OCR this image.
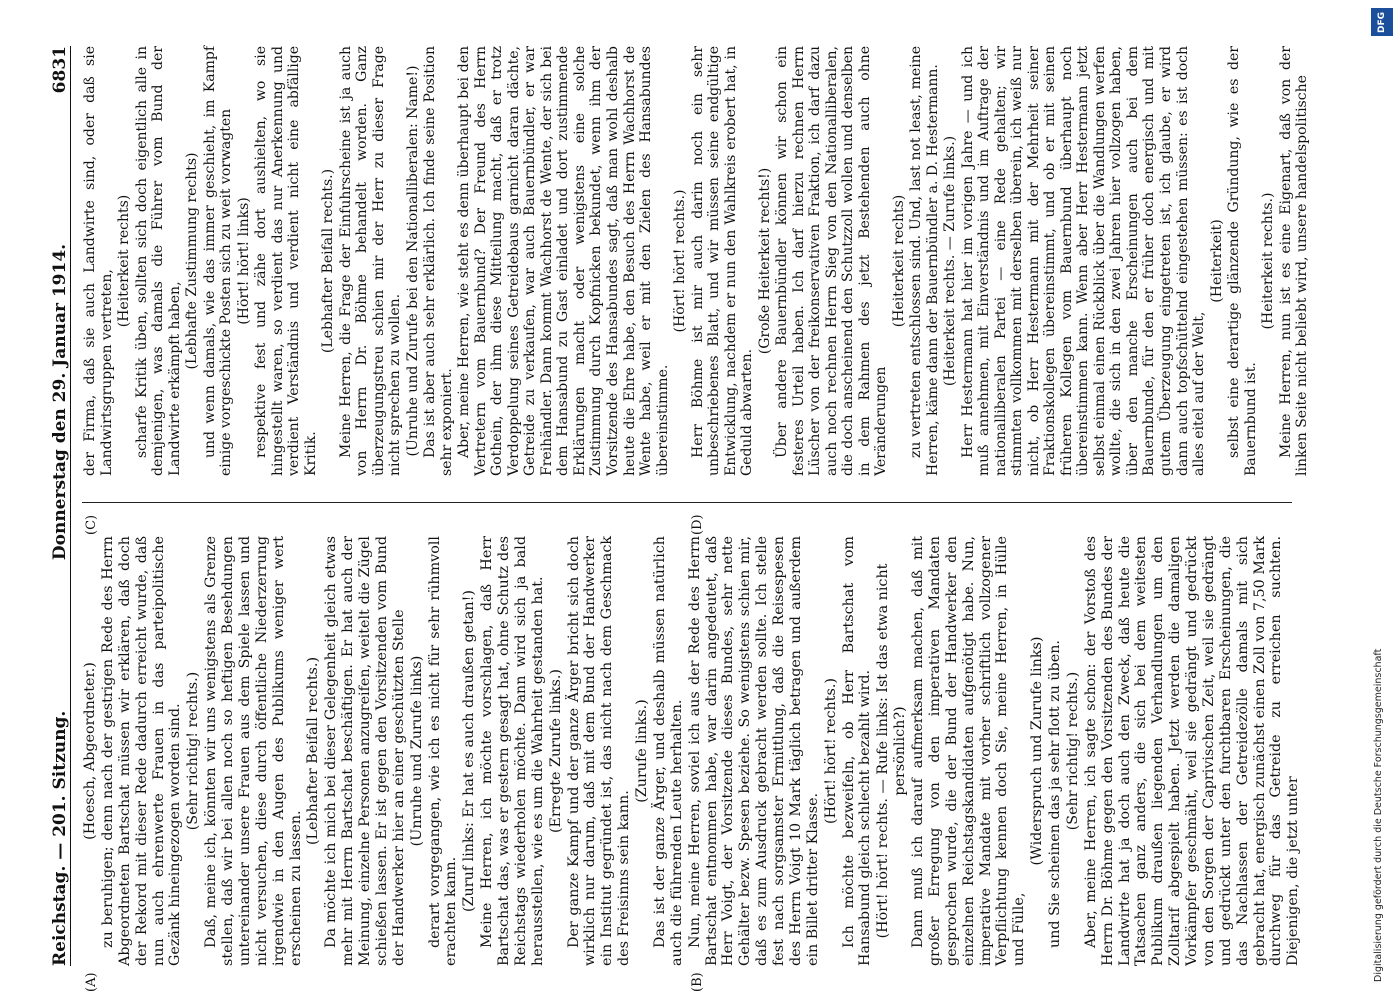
Reichstag. — 201. Sitzung.
Donnerstag den 29. Januar 1914.
6831
(A)	(B)
(C)	(D)

(Hoesch, Abgeordneter.) zu beruhigen; denn nach der gestrigen Rede des Herrn Abgeordneten Bartschat müssen wir erklären, daß doch der Rekord mit dieser Rede dadurch erreicht wurde, daß nun auch ehrenwerte Frauen in das parteipolitische Gezänk hineingezogen worden sind. (Sehr richtig! rechts.) Daß, meine ich, könnten wir uns wenigstens als Grenze stellen, daß wir bei allen noch so heftigen Besehdungen untereinander unsere Frauen aus dem Spiele lassen und nicht versuchen, diese durch öffentliche Niederzerrung irgendwie in den Augen des Publikums weniger wert erscheinen zu lassen.

(Lebhafter Beifall rechts.) Da möchte ich mich bei dieser Gelegenheit gleich etwas mehr mit Herrn Bartschat beschäftigen. Er hat auch der Meinung, einzelne Personen anzugreifen, weitelt die Zügel schießen lassen. Er ist gegen den Vorsitzenden vom Bund der Handwerker hier an einer geschützten Stelle (Unruhe und Zurufe links) derart vorgegangen, wie ich es nicht für sehr rühmvoll erachten kann. (Zuruf links: Er hat es auch draußen getan!) Meine Herren, ich möchte vorschlagen, daß Herr Bartschat das, was er gestern gesagt hat, ohne Schutz des Reichstags wiederholen möchte. Dann wird sich ja bald herausstellen, wie es um die Wahrheit gestanden hat. (Erregte Zurufe links.) Der ganze Kampf und der ganze Ärger bricht sich doch wirklich nur darum, daß mit dem Bund der Handwerker ein Institut gegründet ist, das nicht nach dem Geschmack des Freisinns sein kann.

(Zurufe links.) Das ist der ganze Ärger, und deshalb müssen natürlich auch die führenden Leute herhalten. Nun, meine Herren, soviel ich aus der Rede des Herrn Bartschat entnommen habe, war darin angedeutet, daß Herr Voigt, der Vorsitzende dieses Bundes, sehr nette Gehälter bezw. Spesen beziehe. So wenigstens schien mir, daß es zum Ausdruck gebracht werden sollte. Ich stelle fest nach sorgsamster Ermittlung, daß die Reisespesen des Herrn Voigt 10 Mark täglich betragen und außerdem ein Billet dritter Klasse.

(Hört! hört! rechts.) Ich möchte bezweifeln, ob Herr Bartschat vom Hansabund gleich schlecht bezahlt wird. (Hört! hört! rechts. — Rufe links: Ist das etwa nicht persönlich?) Dann muß ich darauf aufmerksam machen, daß mit großer Erregung von den imperativen Mandaten gesprochen wurde, die der Bund der Handwerker den einzelnen Reichstagskandidaten aufgenötigt habe. Nun, imperative Mandate mit vorher schriftlich vollzogener Verpflichtung kennen doch Sie, meine Herren, in Hülle und Fülle,

(Widerspruch und Zurufe links) und Sie scheinen das ja sehr flott zu üben. (Sehr richtig! rechts.) Aber, meine Herren, ich sagte schon: der Vorstoß des Herrn Dr. Böhme gegen den Vorsitzenden des Bundes der Landwirte hat ja doch auch den Zweck, daß heute die Tatsachen ganz anders, die sich bei dem weitesten Publikum draußen liegenden Verhandlungen um den Zolltarif abgespielt haben. Jetzt werden die damaligen Vorkämpfer geschmäht, weil sie gedrängt und gedrückt von den Sorgen der Caprivischen Zeit, weil sie gedrängt und gedrückt unter den furchtbaren Erscheinungen, die das Nachlassen der Getreidezölle damals mit sich gebracht hat, energisch zunächst einen Zoll von 7,50 Mark durchweg für das Getreide zu erreichen suchten. Diejenigen, die jetzt unter

der Firma, daß sie auch Landwirte sind, oder daß sie Landwirtsgruppen vertreten,

(Heiterkeit rechts) scharfe Kritik üben, sollten sich doch eigentlich alle in demjenigen, was damals die Führer vom Bund der Landwirte erkämpft haben,

(Lebhafte Zustimmung rechts) und wenn damals, wie das immer geschieht, im Kampf einige vorgeschickte Posten sich zu weit vorwagten (Hört! hört! links) respektive fest und zähe dort aushielten, wo sie hingestellt waren, so verdient das nur Anerkennung und verdient Verständnis und verdient nicht eine abfällige Kritik.

(Lebhafter Beifall rechts.) Meine Herren, die Frage der Einfuhrscheine ist ja auch von Herrn Dr. Böhme behandelt worden. Ganz überzeugungstreu schien mir der Herr zu dieser Frage nicht sprechen zu wollen. (Unruhe und Zurufe bei den Nationalliberalen: Name!) Das ist aber auch sehr erklärlich. Ich finde seine Position sehr exponiert. Aber, meine Herren, wie steht es denn überhaupt bei den Vertretern vom Bauernbund? Der Freund des Herrn Gothein, der ihm diese Mitteilung macht, daß er trotz Verdoppelung seines Getreidebaus garnicht daran dächte, Getreide zu verkaufen, war auch Bauernbündler, er war Freihändler. Dann kommt Wachhorst de Wente, der sich bei dem Hansabund zu Gast einladet und dort zustimmende Erklärungen macht oder wenigstens eine solche Zustimmung durch Kopfnicken bekundet, wenn ihm der Vorsitzende des Hansabundes sagt, daß man wohl deshalb heute die Ehre habe, den Besuch des Herrn Wachhorst de Wente habe, weil er mit den Zielen des Hansabundes übereinstimme.

(Hört! hört! rechts.) Herr Böhme ist mir auch darin noch ein sehr unbeschriebenes Blatt, und wir müssen seine endgültige Entwicklung, nachdem er nun den Wahlkreis erobert hat, in Geduld abwarten.

(Große Heiterkeit rechts!) Über andere Bauernbündler können wir schon ein festeres Urteil haben. Ich darf hierzu rechnen Herrn Lüscher von der freikonservativen Fraktion, ich darf dazu auch noch rechnen Herrn Sieg von den Nationalliberalen, die doch anscheinend den Schutzzoll wollen und denselben in dem Rahmen des jetzt Bestehenden auch ohne Veränderungen

(Heiterkeit rechts) zu vertreten entschlossen sind. Und, last not least, meine Herren, käme dann der Bauernbündler a. D. Hestermann. (Heiterkeit rechts. — Zurufe links.) Herr Hestermann hat hier im vorigen Jahre — und ich muß annehmen, mit Einverständnis und im Auftrage der nationalliberalen Partei — eine Rede gehalten; wir stimmten vollkommen mit derselben überein, ich weiß nur nicht, ob Herr Hestermann mit der Mehrheit seiner Fraktionskollegen übereinstimmt, und ob er mit seinen früheren Kollegen vom Bauernbund überhaupt noch übereinstimmen kann. Wenn aber Herr Hestermann jetzt selbst einmal einen Rückblick über die Wandlungen werfen wollte, die sich in den zwei Jahren hier vollzogen haben, über den manche Erscheinungen auch bei dem Bauernbunde, für den er früher doch energisch und mit gutem Überzeugung eingetreten ist, ich glaube, er wird dann auch topfschüttelnd eingestehen müssen: es ist doch alles eitel auf der Welt,

(Heiterkeit) selbst eine derartige glänzende Gründung, wie es der Bauernbund ist.

(Heiterkeit rechts.) Meine Herren, nun ist es eine Eigenart, daß von der linken Seite nicht beliebt wird, unsere handelspolitische

DFG
Digitalisierung gefördert durch die Deutsche Forschungsgemeinschaft
